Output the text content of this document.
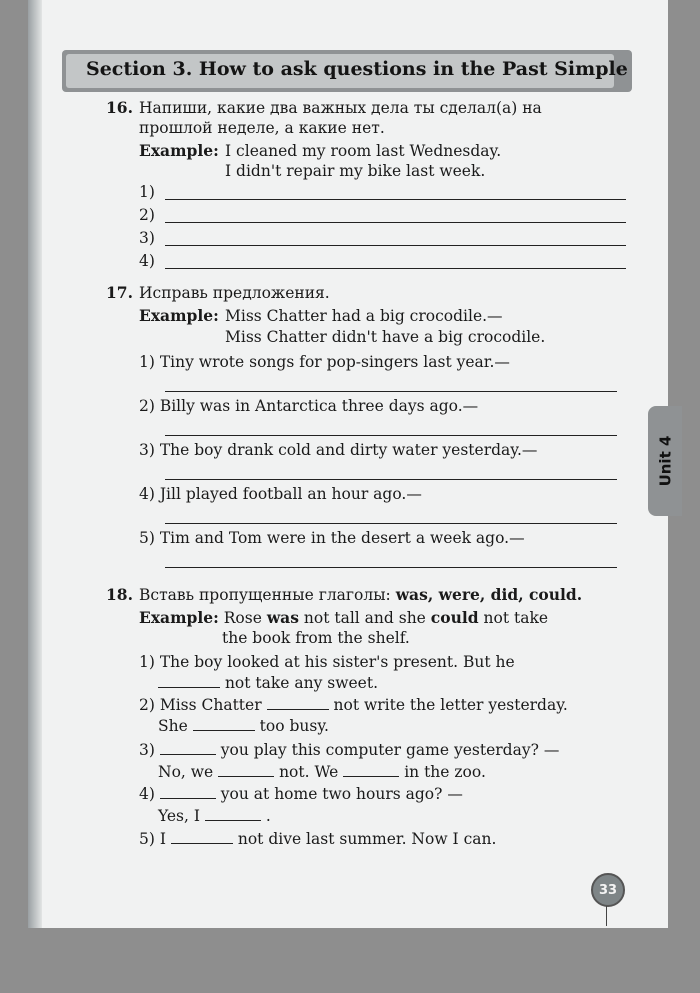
Section 3. How to ask questions in the Past Simple
16. Напиши, какие два важных дела ты сделал(а) на
прошлой неделе, а какие нет.
Example: I cleaned my room last Wednesday.
I didn't repair my bike last week.
1)
2)
3)
4)
17. Исправь предложения.
Example: Miss Chatter had a big crocodile.—
Miss Chatter didn't have a big crocodile.
1) Tiny wrote songs for pop-singers last year.—
2) Billy was in Antarctica three days ago.—
3) The boy drank cold and dirty water yesterday.—
4) Jill played football an hour ago.—
5) Tim and Tom were in the desert a week ago.—
18. Вставь пропущенные глаголы: was, were, did, could.
Example: Rose was not tall and she could not take
the book from the shelf.
1) The boy looked at his sister's present. But he
not take any sweet.
2) Miss Chatter	not write the letter yesterday.
She	too busy.
3)	you play this computer game yesterday? —
No, we	not. We	in the zoo.
4)	you at home two hours ago? —
Yes, I	.
5) I	not dive last summer. Now I can.
Unit 4
33
